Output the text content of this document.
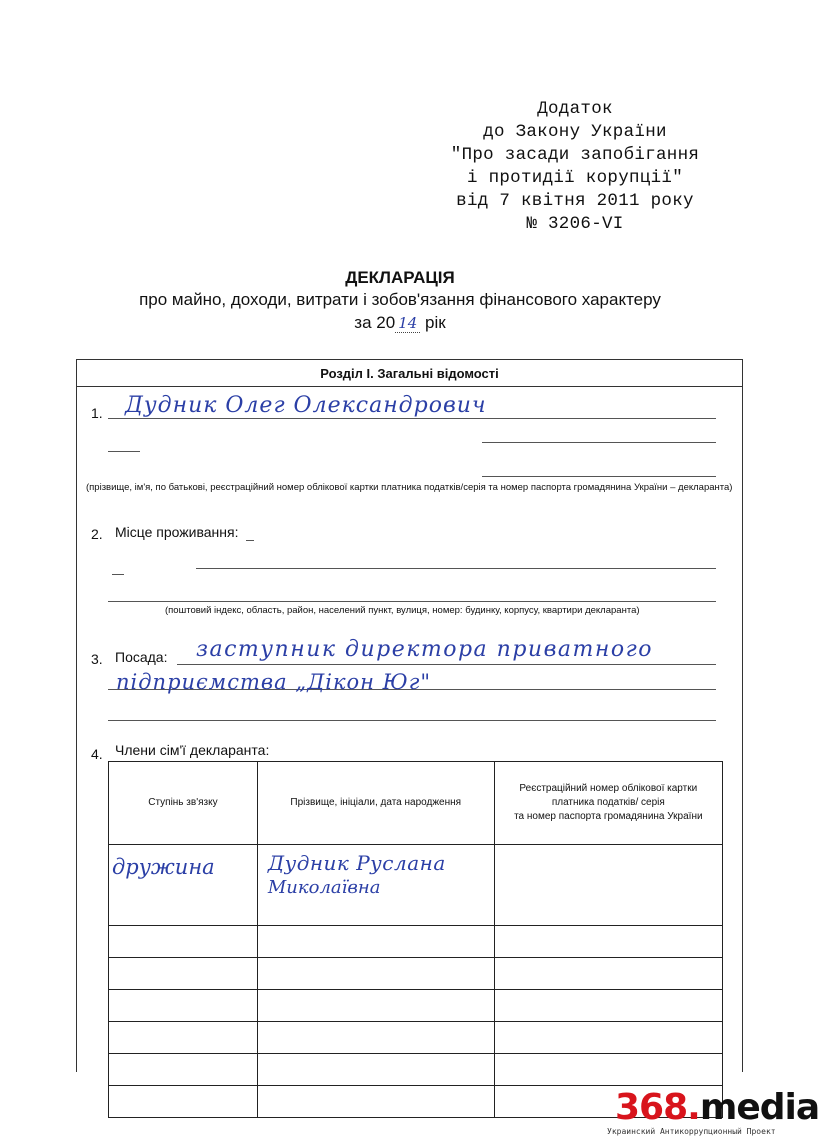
Додаток
до Закону України
"Про засади запобігання
і протидії корупції"
від 7 квітня 2011 року
№ 3206-VI
ДЕКЛАРАЦІЯ
про майно, доходи, витрати і зобов'язання фінансового характеру
за 20 14 рік
Розділ І. Загальні відомості
1. Дудник Олег Олександрович
(прізвище, ім'я, по батькові, реєстраційний номер облікової картки платника податків/серія та номер паспорта громадянина України – декларанта)
2. Місце проживання:
(поштовий індекс, область, район, населений пункт, вулиця, номер: будинку, корпусу, квартири декларанта)
3. Посада: заступник директора приватного
підприємства „Дікон Юг"
4. Члени сім'ї декларанта:
Ступінь зв'язку	Прізвище, ініціали, дата народження	Реєстраційний номер облікової картки
платника податків/ серія
та номер паспорта громадянина України

дружина	Дудник Руслана
Миколаївна	

368.media
Украинский Антикоррупционный Проект
